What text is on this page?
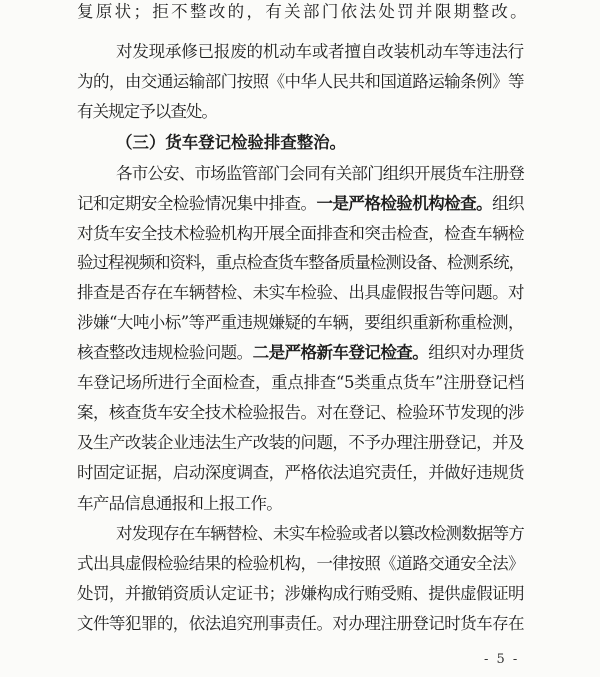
复原状；拒不整改的，有关部门依法处罚并限期整改。
对发现承修已报废的机动车或者擅自改装机动车等违法行
为的，由交通运输部门按照《中华人民共和国道路运输条例》等
有关规定予以查处。
（三）货车登记检验排查整治。
各市公安、市场监管部门会同有关部门组织开展货车注册登
记和定期安全检验情况集中排查。一是严格检验机构检查。组织
对货车安全技术检验机构开展全面排查和突击检查，检查车辆检
验过程视频和资料，重点检查货车整备质量检测设备、检测系统，
排查是否存在车辆替检、未实车检验、出具虚假报告等问题。对
涉嫌“大吨小标”等严重违规嫌疑的车辆，要组织重新称重检测，
核查整改违规检验问题。二是严格新车登记检查。组织对办理货
车登记场所进行全面检查，重点排查“5类重点货车”注册登记档
案，核查货车安全技术检验报告。对在登记、检验环节发现的涉
及生产改装企业违法生产改装的问题，不予办理注册登记，并及
时固定证据，启动深度调查，严格依法追究责任，并做好违规货
车产品信息通报和上报工作。
对发现存在车辆替检、未实车检验或者以篡改检测数据等方
式出具虚假检验结果的检验机构，一律按照《道路交通安全法》
处罚，并撤销资质认定证书；涉嫌构成行贿受贿、提供虚假证明
文件等犯罪的，依法追究刑事责任。对办理注册登记时货车存在
- 5 -
